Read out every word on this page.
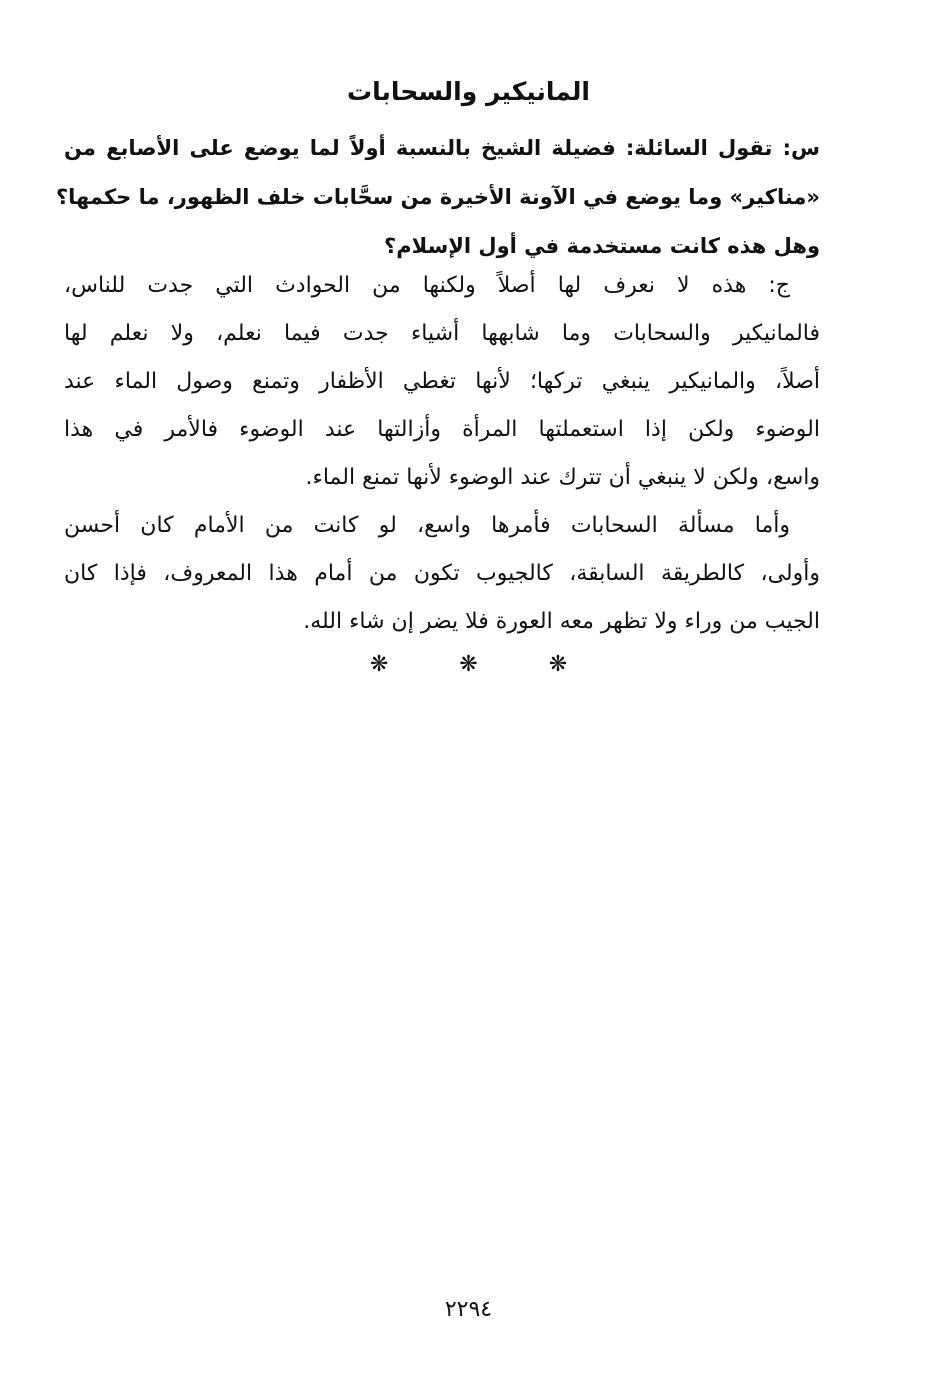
المانيكير والسحابات
س: تقول السائلة: فضيلة الشيخ بالنسبة أولاً لما يوضع على الأصابع من
«مناكير» وما يوضع في الآونة الأخيرة من سحَّابات خلف الظهور، ما حكمها؟
وهل هذه كانت مستخدمة في أول الإسلام؟
ج: هذه لا نعرف لها أصلاً ولكنها من الحوادث التي جدت للناس،
فالمانيكير والسحابات وما شابهها أشياء جدت فيما نعلم، ولا نعلم لها
أصلاً، والمانيكير ينبغي تركها؛ لأنها تغطي الأظفار وتمنع وصول الماء عند
الوضوء ولكن إذا استعملتها المرأة وأزالتها عند الوضوء فالأمر في هذا
واسع، ولكن لا ينبغي أن تترك عند الوضوء لأنها تمنع الماء.
وأما مسألة السحابات فأمرها واسع، لو كانت من الأمام كان أحسن
وأولى، كالطريقة السابقة، كالجيوب تكون من أمام هذا المعروف، فإذا كان
الجيب من وراء ولا تظهر معه العورة فلا يضر إن شاء الله.
❋	❋	❋
٢٢٩٤
